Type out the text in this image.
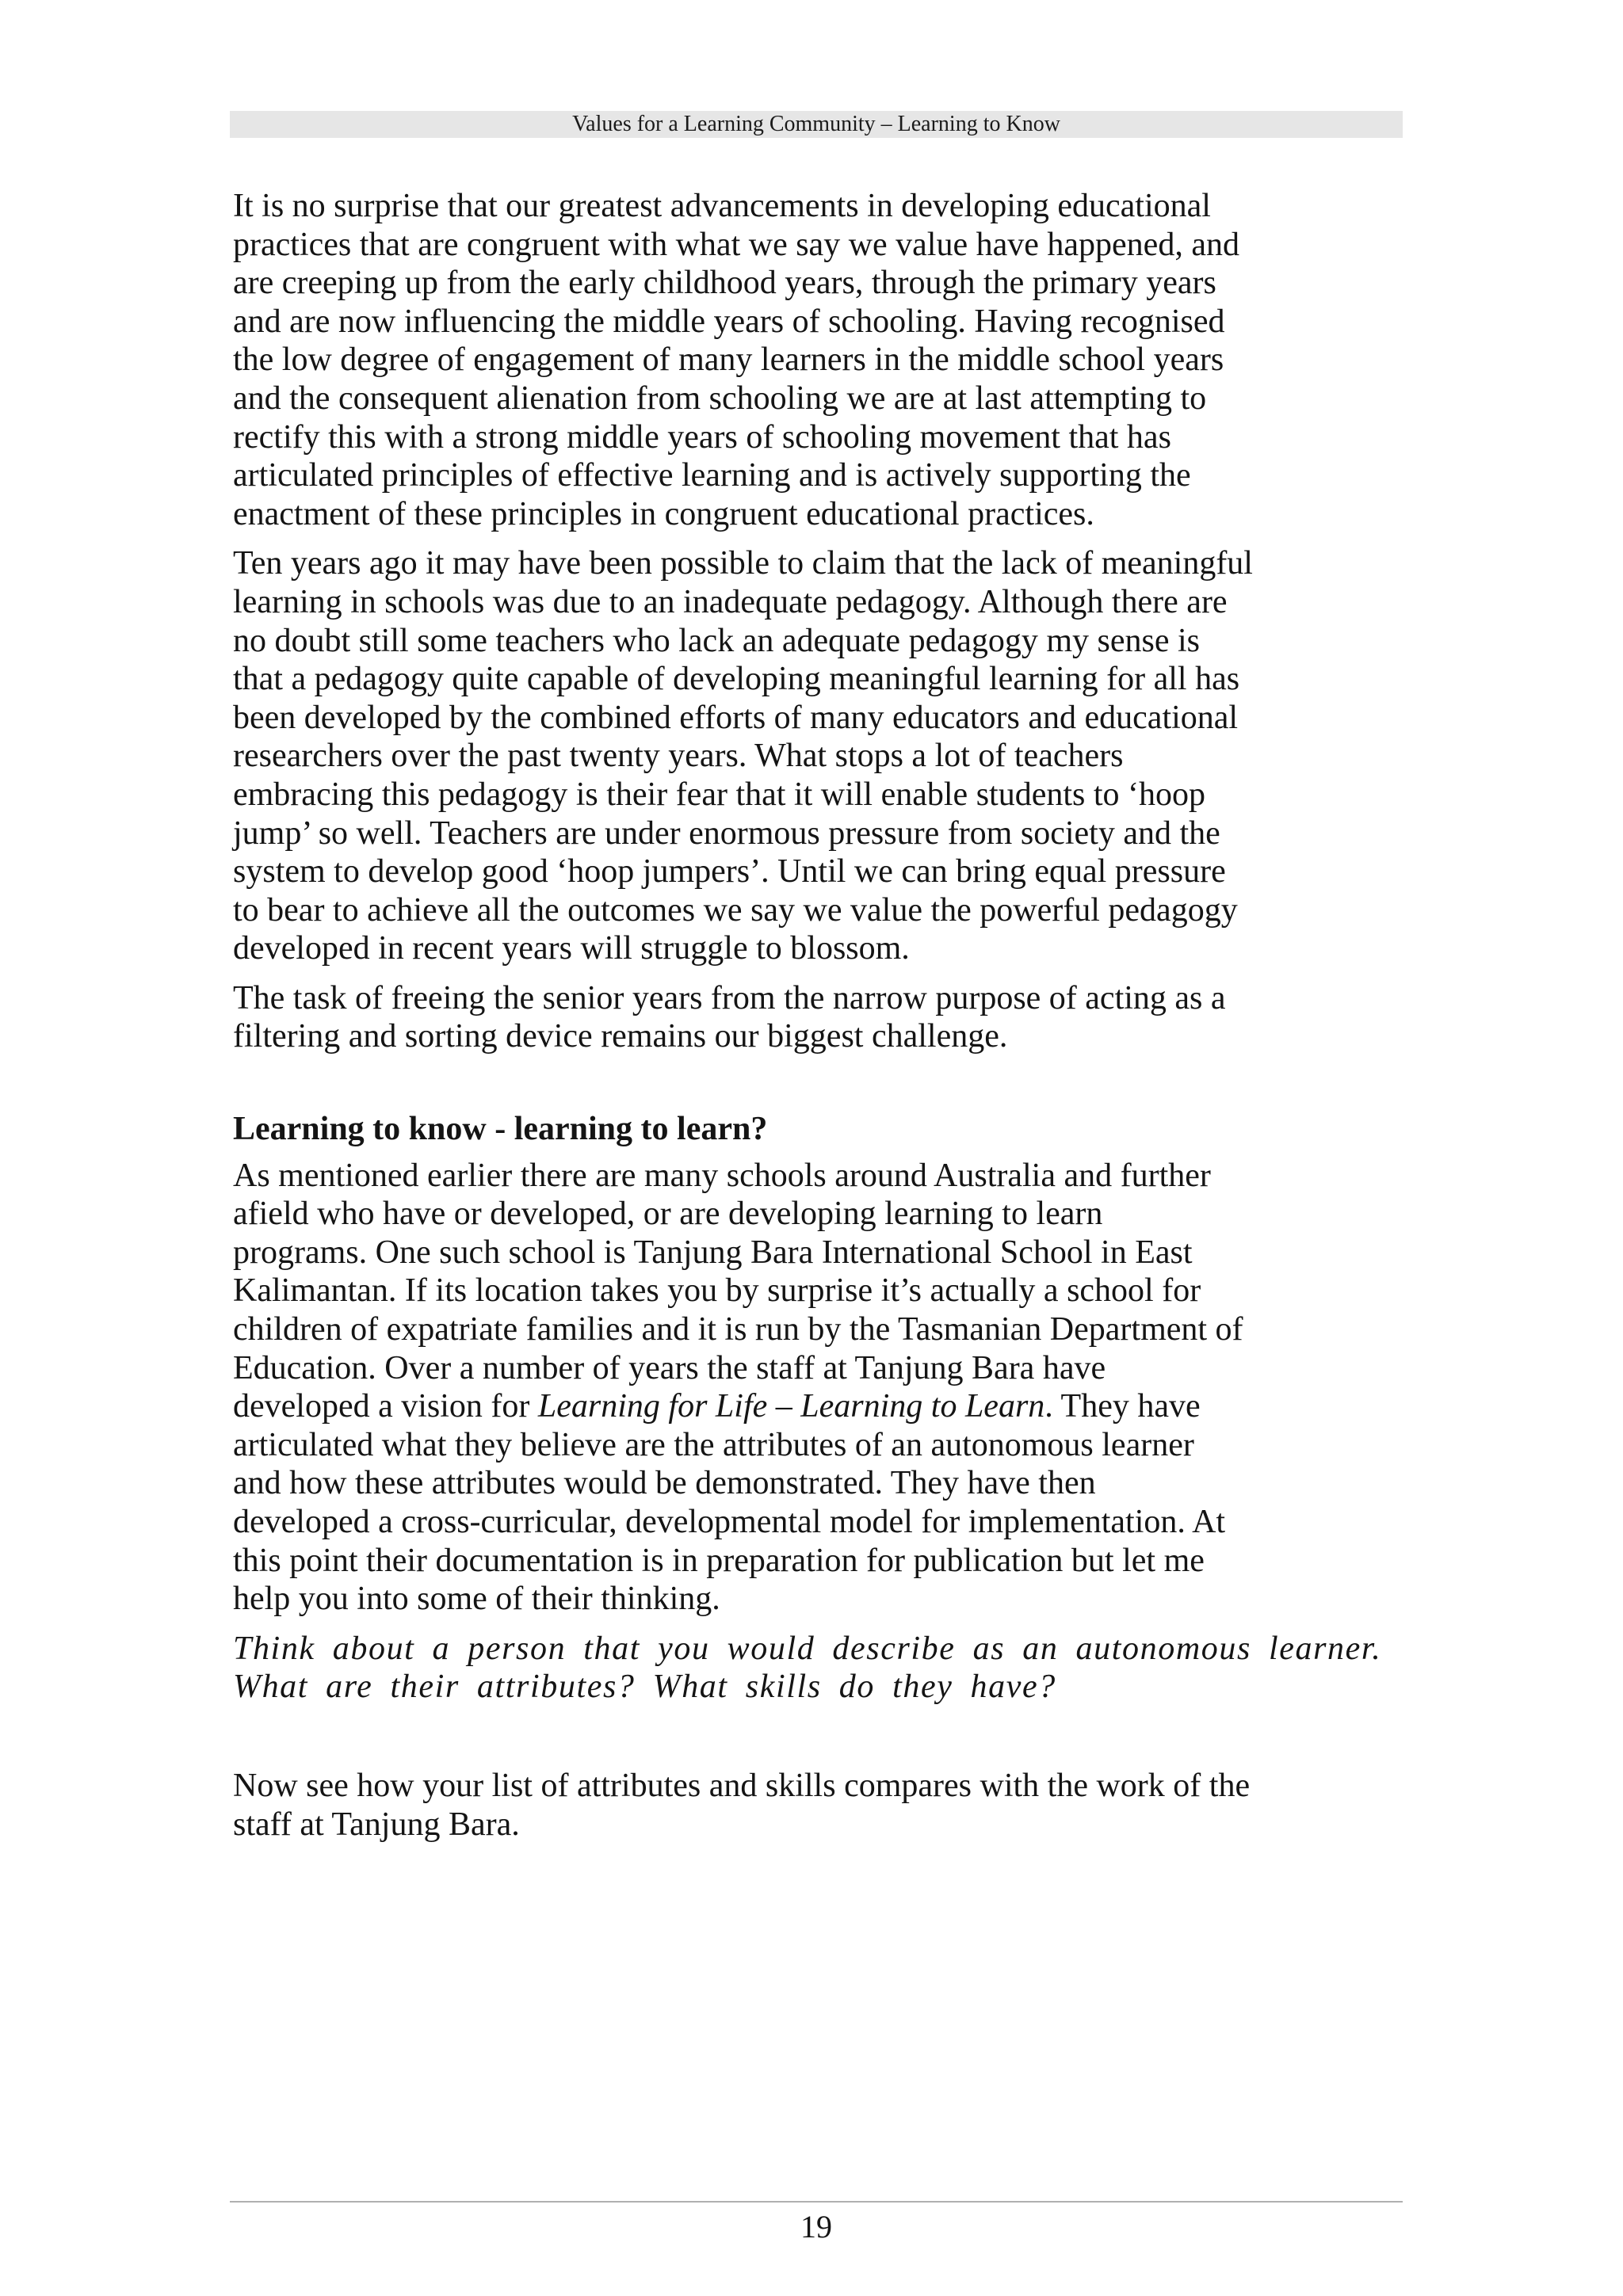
Values for a Learning Community – Learning to Know

It is no surprise that our greatest advancements in developing educational
practices that are congruent with what we say we value have happened, and
are creeping up from the early childhood years, through the primary years
and are now influencing the middle years of schooling. Having recognised
the low degree of engagement of many learners in the middle school years
and the consequent alienation from schooling we are at last attempting to
rectify this with a strong middle years of schooling movement that has
articulated principles of effective learning and is actively supporting the
enactment of these principles in congruent educational practices.

Ten years ago it may have been possible to claim that the lack of meaningful
learning in schools was due to an inadequate pedagogy. Although there are
no doubt still some teachers who lack an adequate pedagogy my sense is
that a pedagogy quite capable of developing meaningful learning for all has
been developed by the combined efforts of many educators and educational
researchers over the past twenty years. What stops a lot of teachers
embracing this pedagogy is their fear that it will enable students to ‘hoop
jump’ so well. Teachers are under enormous pressure from society and the
system to develop good ‘hoop jumpers’. Until we can bring equal pressure
to bear to achieve all the outcomes we say we value the powerful pedagogy
developed in recent years will struggle to blossom.

The task of freeing the senior years from the narrow purpose of acting as a
filtering and sorting device remains our biggest challenge.

Learning to know - learning to learn?

As mentioned earlier there are many schools around Australia and further
afield who have or developed, or are developing learning to learn
programs. One such school is Tanjung Bara International School in East
Kalimantan. If its location takes you by surprise it’s actually a school for
children of expatriate families and it is run by the Tasmanian Department of
Education. Over a number of years the staff at Tanjung Bara have
developed a vision for Learning for Life – Learning to Learn. They have
articulated what they believe are the attributes of an autonomous learner
and how these attributes would be demonstrated. They have then
developed a cross-curricular, developmental model for implementation. At
this point their documentation is in preparation for publication but let me
help you into some of their thinking.

Think about a person that you would describe as an autonomous learner.
What are their attributes? What skills do they have?

Now see how your list of attributes and skills compares with the work of the
staff at Tanjung Bara.

19
